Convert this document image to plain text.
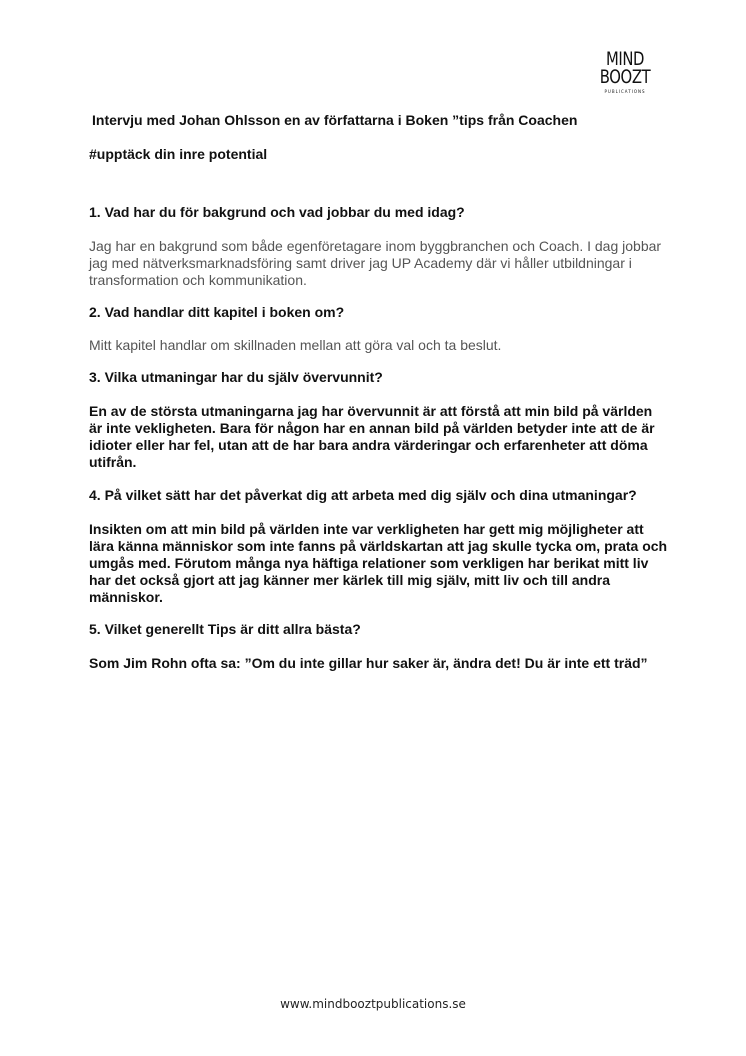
MIND
BOOZT
PUBLICATIONS

Intervju med Johan Ohlsson en av författarna i Boken ”tips från Coachen

#upptäck din inre potential

1. Vad har du för bakgrund och vad jobbar du med idag?

Jag har en bakgrund som både egenföretagare inom byggbranchen och Coach. I dag jobbar jag med nätverksmarknadsföring samt driver jag UP Academy där vi håller utbildningar i transformation och kommunikation.

2. Vad handlar ditt kapitel i boken om?

Mitt kapitel handlar om skillnaden mellan att göra val och ta beslut.

3. Vilka utmaningar har du själv övervunnit?

En av de största utmaningarna jag har övervunnit är att förstå att min bild på världen är inte vekligheten. Bara för någon har en annan bild på världen betyder inte att de är idioter eller har fel, utan att de har bara andra värderingar och erfarenheter att döma utifrån.

4. På vilket sätt har det påverkat dig att arbeta med dig själv och dina utmaningar?

Insikten om att min bild på världen inte var verkligheten har gett mig möjligheter att lära känna människor som inte fanns på världskartan att jag skulle tycka om, prata och umgås med. Förutom många nya häftiga relationer som verkligen har berikat mitt liv har det också gjort att jag känner mer kärlek till mig själv, mitt liv och till andra människor.

5. Vilket generellt Tips är ditt allra bästa?

Som Jim Rohn ofta sa: ”Om du inte gillar hur saker är, ändra det! Du är inte ett träd”

www.mindbooztpublications.se
